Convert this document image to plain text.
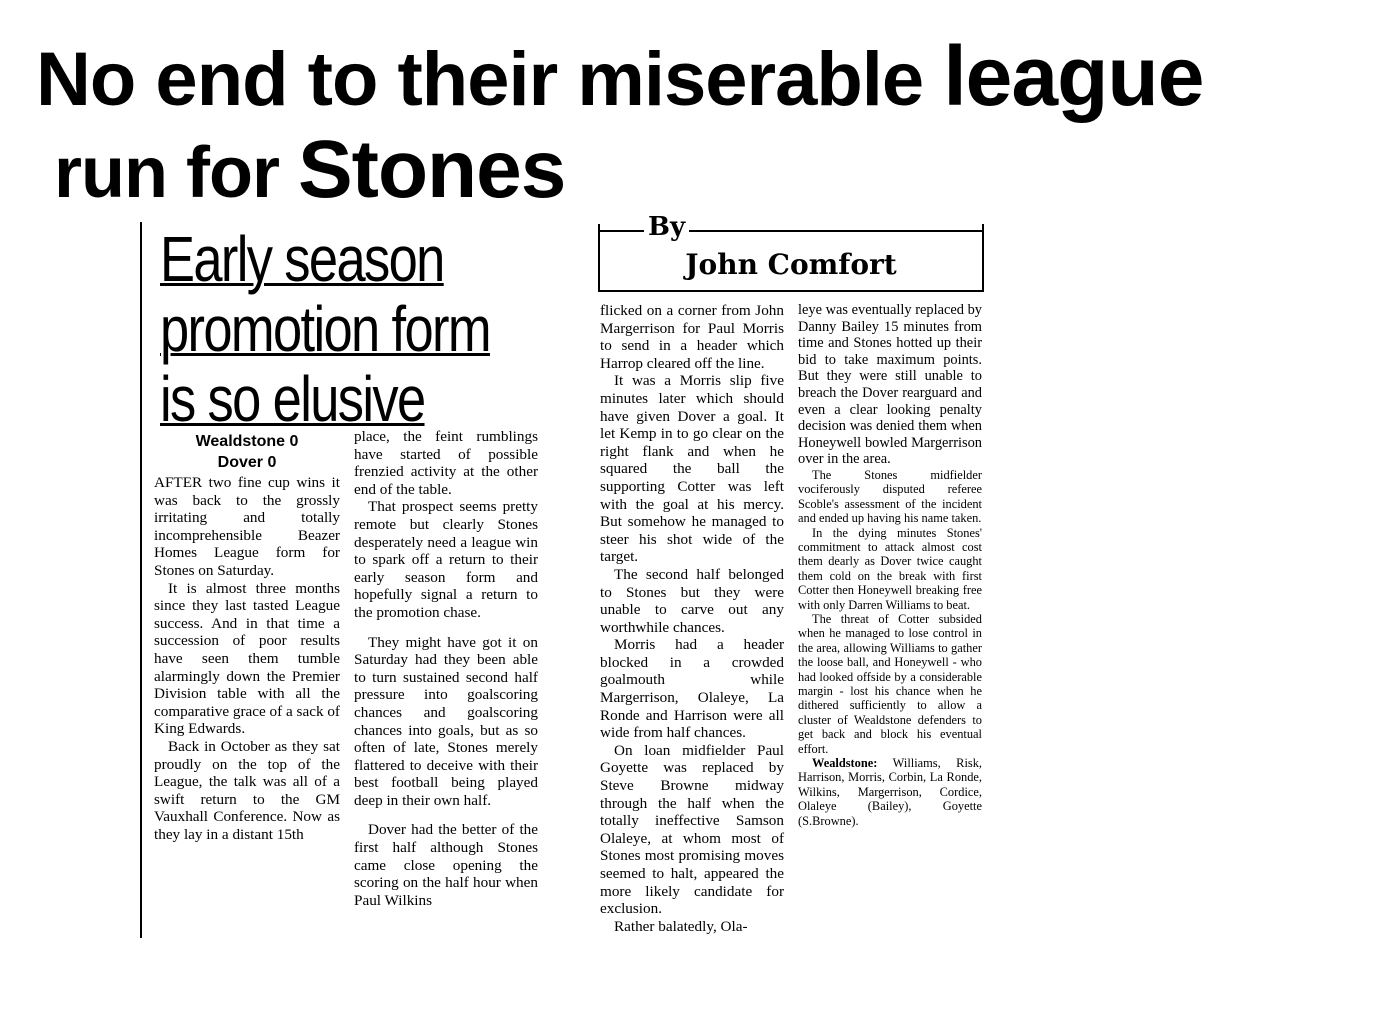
No end to their miserable league
run for Stones
Early season
promotion form
is so elusive
By
John Comfort
Wealdstone 0
Dover 0

AFTER two fine cup wins it was back to the grossly irritating and totally incomprehensible Beazer Homes League form for Stones on Saturday.

It is almost three months since they last tasted League success. And in that time a succession of poor results have seen them tumble alarmingly down the Premier Division table with all the comparative grace of a sack of King Edwards.

Back in October as they sat proudly on the top of the League, the talk was all of a swift return to the GM Vauxhall Conference. Now as they lay in a distant 15th

place, the feint rumblings have started of possible frenzied activity at the other end of the table.

That prospect seems pretty remote but clearly Stones desperately need a league win to spark off a return to their early season form and hopefully signal a return to the promotion chase.

They might have got it on Saturday had they been able to turn sustained second half pressure into goalscoring chances and goalscoring chances into goals, but as so often of late, Stones merely flattered to deceive with their best football being played deep in their own half.

Dover had the better of the first half although Stones came close opening the scoring on the half hour when Paul Wilkins

flicked on a corner from John Margerrison for Paul Morris to send in a header which Harrop cleared off the line.

It was a Morris slip five minutes later which should have given Dover a goal. It let Kemp in to go clear on the right flank and when he squared the ball the supporting Cotter was left with the goal at his mercy. But somehow he managed to steer his shot wide of the target.

The second half belonged to Stones but they were unable to carve out any worthwhile chances.

Morris had a header blocked in a crowded goalmouth while Margerrison, Olaleye, La Ronde and Harrison were all wide from half chances.

On loan midfielder Paul Goyette was replaced by Steve Browne midway through the half when the totally ineffective Samson Olaleye, at whom most of Stones most promising moves seemed to halt, appeared the more likely candidate for exclusion.

Rather balatedly, Ola-

leye was eventually replaced by Danny Bailey 15 minutes from time and Stones hotted up their bid to take maximum points. But they were still unable to breach the Dover rearguard and even a clear looking penalty decision was denied them when Honeywell bowled Margerrison over in the area.

The Stones midfielder vociferously disputed referee Scoble's assessment of the incident and ended up having his name taken.

In the dying minutes Stones' commitment to attack almost cost them dearly as Dover twice caught them cold on the break with first Cotter then Honeywell breaking free with only Darren Williams to beat.

The threat of Cotter subsided when he managed to lose control in the area, allowing Williams to gather the loose ball, and Honeywell - who had looked offside by a considerable margin - lost his chance when he dithered sufficiently to allow a cluster of Wealdstone defenders to get back and block his eventual effort.

Wealdstone: Williams, Risk, Harrison, Morris, Corbin, La Ronde, Wilkins, Margerrison, Cordice, Olaleye (Bailey), Goyette (S.Browne).
